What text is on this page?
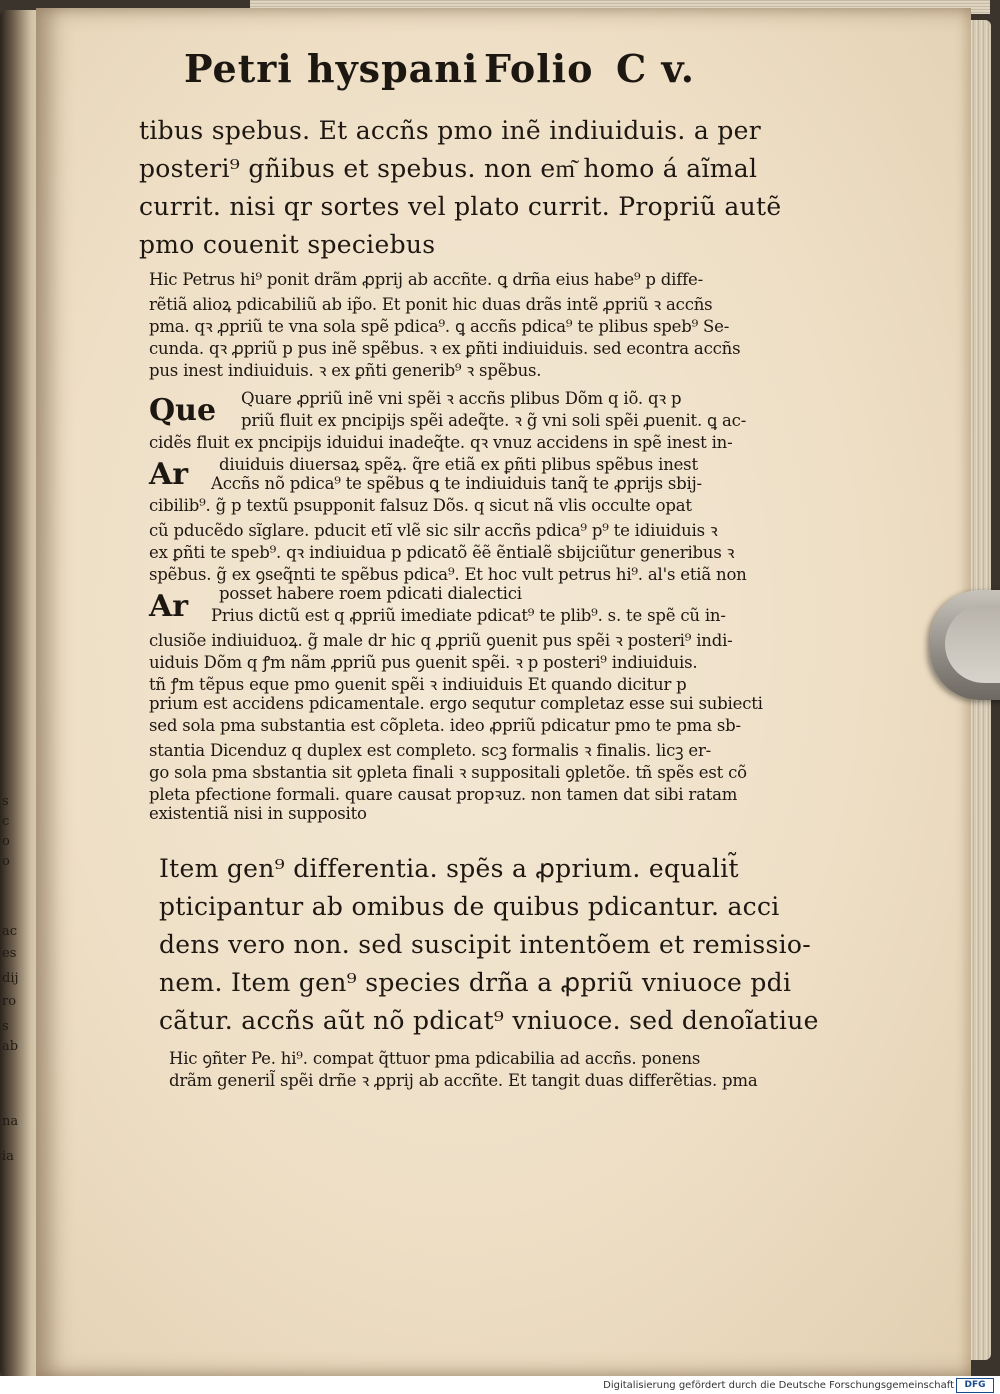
s
c
o
o
ac
es
dij
ro
s
ab
na
ia
Petri hyspani Folio C v.
tibus spebus. Et accñs pmo inẽ indiuiduis. a per
posteri⁹ gñibus et spebus. non em͂ homo á aĩmal
currit. nisi qr sortes vel plato currit. Propriũ autẽ
pmo couenit speciebus
Hic Petrus hi⁹ ponit drãm ꝓprij ab accñte. ꝗ drña eius habe⁹ p diffe-
rẽtiã alioꝝ pdicabiliũ ab ip̃o. Et ponit hic duas drãs intẽ ꝓpriũ ꝛ accñs
pma. qꝛ ꝓpriũ te vna sola spẽ pdica⁹. ꝗ accñs pdica⁹ te plibus speb⁹ Se-
cunda. qꝛ ꝓpriũ p pus inẽ spẽbus. ꝛ ex ꝑñti indiuiduis. sed econtra accñs
pus inest indiuiduis. ꝛ ex ꝑñti generib⁹ ꝛ spẽbus.
Que Quare ꝓpriũ inẽ vni spẽi ꝛ accñs plibus Dõm q iõ. qꝛ p
priũ fluit ex pncipijs spẽi adeq̃te. ꝛ g̃ vni soli spẽi ꝓuenit. ꝗ ac-
cidẽs fluit ex pncipijs iduidui inadeq̃te. qꝛ vnuz accidens in spẽ inest in-
diuiduis diuersaꝝ spẽꝝ. q̃re etiã ex ꝑñti plibus spẽbus inest
Ar Accñs nõ pdica⁹ te spẽbus ꝗ te indiuiduis tanq̃ te ꝓprijs sbij-
cibilib⁹. g̃ p textũ psupponit falsuz Dõs. q sicut nã vlis occulte opat
cũ pducẽdo sĩglare. pducit etĩ vlẽ sic silr accñs pdica⁹ p⁹ te idiuiduis ꝛ
ex ꝑñti te speb⁹. qꝛ indiuidua p pdicatõ ẽẽ ẽntialẽ sbijciũtur generibus ꝛ
spẽbus. g̃ ex ꝯseq̃nti te spẽbus pdica⁹. Et hoc vult petrus hi⁹. al's etiã non
posset habere roem pdicati dialectici
Ar Prius dictũ est q ꝓpriũ imediate pdicat⁹ te plib⁹. s. te spẽ cũ in-
clusiõe indiuiduoꝝ. g̃ male dr hic q ꝓpriũ ꝯuenit pus spẽi ꝛ posteri⁹ indi-
uiduis Dõm q ꝭm nãm ꝓpriũ pus ꝯuenit spẽi. ꝛ p posteri⁹ indiuiduis.
tñ ꝭm tẽpus eque pmo ꝯuenit spẽi ꝛ indiuiduis Et quando dicitur p
prium est accidens pdicamentale. ergo sequtur completaz esse sui subiecti
sed sola pma substantia est cõpleta. ideo ꝓpriũ pdicatur pmo te pma sb-
stantia Dicenduz q duplex est completo. scꝫ formalis ꝛ finalis. licꝫ er-
go sola pma sbstantia sit ꝯpleta finali ꝛ suppositali ꝯpletõe. tñ spẽs est cõ
pleta pfectione formali. quare causat propꝛuz. non tamen dat sibi ratam
existentiã nisi in supposito
Item gen⁹ differentia. spẽs a ꝓprium. equalit̃
pticipantur ab omibus de quibus pdicantur. acci
dens vero non. sed suscipit intentõem et remissio-
nem. Item gen⁹ species drña a ꝓpriũ vniuoce pdi
cãtur. accñs aũt nõ pdicat⁹ vniuoce. sed denoĩatiue
Hic ꝯñter Pe. hi⁹. compat q̃ttuor pma pdicabilia ad accñs. ponens
drãm generil̃ spẽi drñe ꝛ ꝓprij ab accñte. Et tangit duas differẽtias. pma
Digitalisierung gefördert durch die Deutsche Forschungsgemeinschaft	DFG
